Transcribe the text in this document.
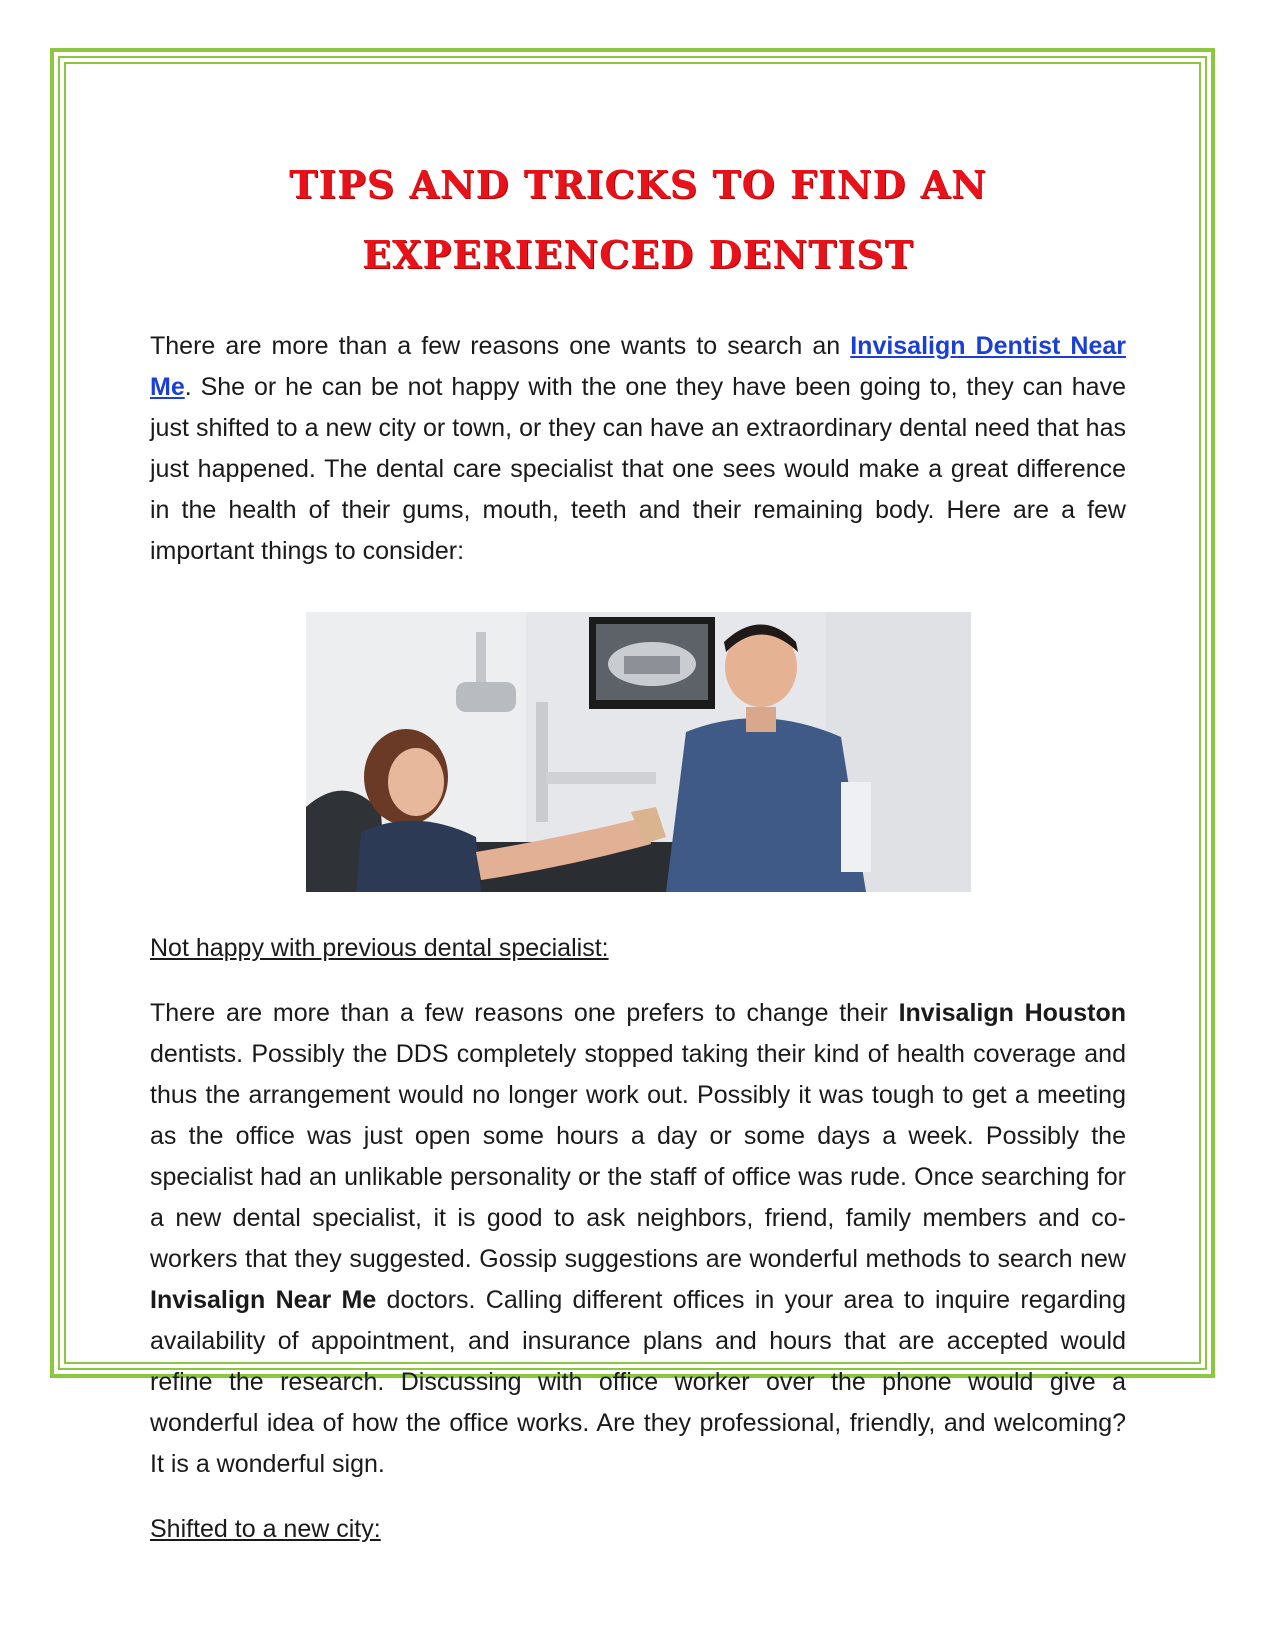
TIPS AND TRICKS TO FIND AN EXPERIENCED DENTIST

There are more than a few reasons one wants to search an Invisalign Dentist Near Me. She or he can be not happy with the one they have been going to, they can have just shifted to a new city or town, or they can have an extraordinary dental need that has just happened. The dental care specialist that one sees would make a great difference in the health of their gums, mouth, teeth and their remaining body. Here are a few important things to consider:

Not happy with previous dental specialist:

There are more than a few reasons one prefers to change their Invisalign Houston dentists. Possibly the DDS completely stopped taking their kind of health coverage and thus the arrangement would no longer work out. Possibly it was tough to get a meeting as the office was just open some hours a day or some days a week. Possibly the specialist had an unlikable personality or the staff of office was rude. Once searching for a new dental specialist, it is good to ask neighbors, friend, family members and co-workers that they suggested. Gossip suggestions are wonderful methods to search new Invisalign Near Me doctors. Calling different offices in your area to inquire regarding availability of appointment, and insurance plans and hours that are accepted would refine the research. Discussing with office worker over the phone would give a wonderful idea of how the office works. Are they professional, friendly, and welcoming? It is a wonderful sign.

Shifted to a new city:
